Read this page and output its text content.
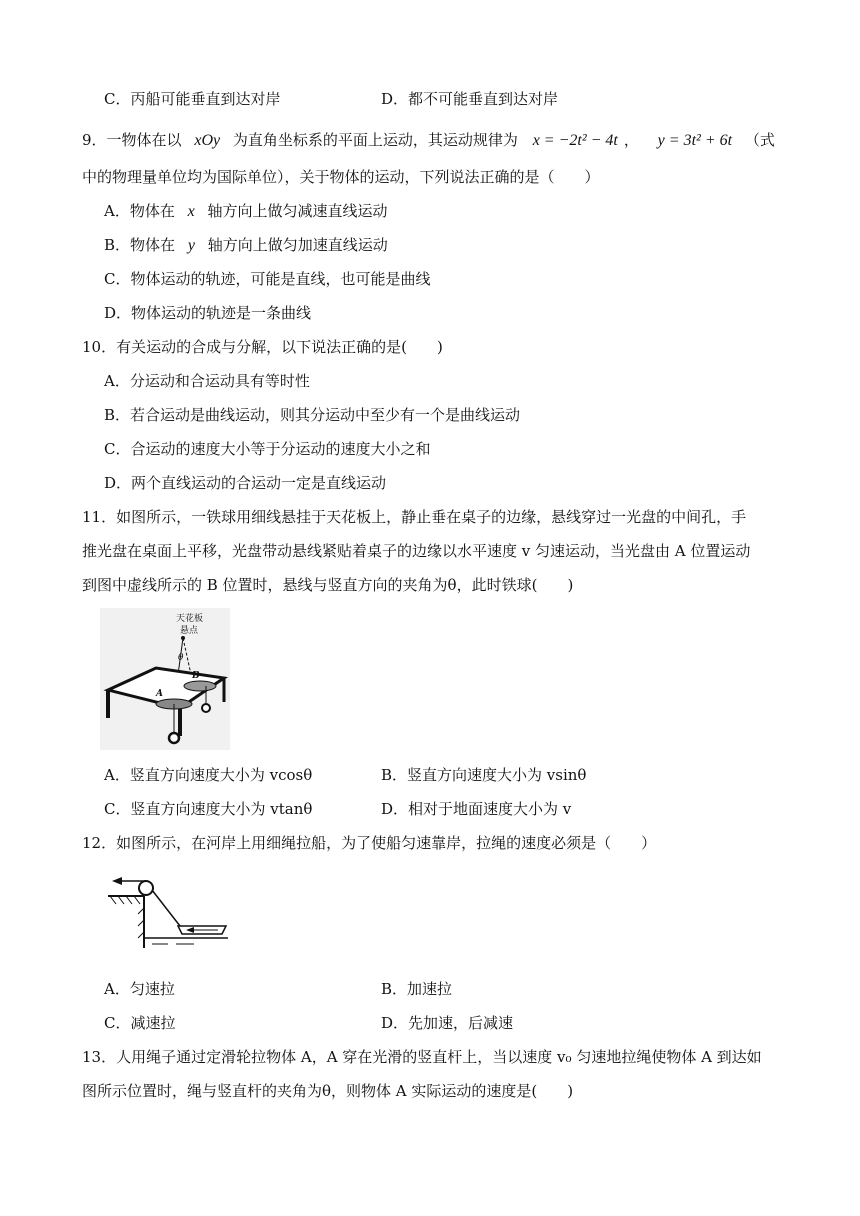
C．丙船可能垂直到达对岸	D．都不可能垂直到达对岸
9．一物体在以 xOy 为直角坐标系的平面上运动，其运动规律为 x = −2t² − 4t ， y = 3t² + 6t （式
中的物理量单位均为国际单位），关于物体的运动，下列说法正确的是（　　）
A．物体在 x 轴方向上做匀减速直线运动
B．物体在 y 轴方向上做匀加速直线运动
C．物体运动的轨迹，可能是直线，也可能是曲线
D．物体运动的轨迹是一条曲线
10．有关运动的合成与分解，以下说法正确的是(　　)
A．分运动和合运动具有等时性
B．若合运动是曲线运动，则其分运动中至少有一个是曲线运动
C．合运动的速度大小等于分运动的速度大小之和
D．两个直线运动的合运动一定是直线运动
11．如图所示，一铁球用细线悬挂于天花板上，静止垂在桌子的边缘，悬线穿过一光盘的中间孔，手
推光盘在桌面上平移，光盘带动悬线紧贴着桌子的边缘以水平速度 v 匀速运动，当光盘由 A 位置运动
到图中虚线所示的 B 位置时，悬线与竖直方向的夹角为θ，此时铁球(　　)
天花板
悬点
θ
A
B
A．竖直方向速度大小为 vcosθ	B．竖直方向速度大小为 vsinθ
C．竖直方向速度大小为 vtanθ	D．相对于地面速度大小为 v
12．如图所示，在河岸上用细绳拉船，为了使船匀速靠岸，拉绳的速度必须是（　　）
A．匀速拉	B．加速拉
C．减速拉	D．先加速，后减速
13．人用绳子通过定滑轮拉物体 A，A 穿在光滑的竖直杆上，当以速度 v₀ 匀速地拉绳使物体 A 到达如
图所示位置时，绳与竖直杆的夹角为θ，则物体 A 实际运动的速度是(　　)
